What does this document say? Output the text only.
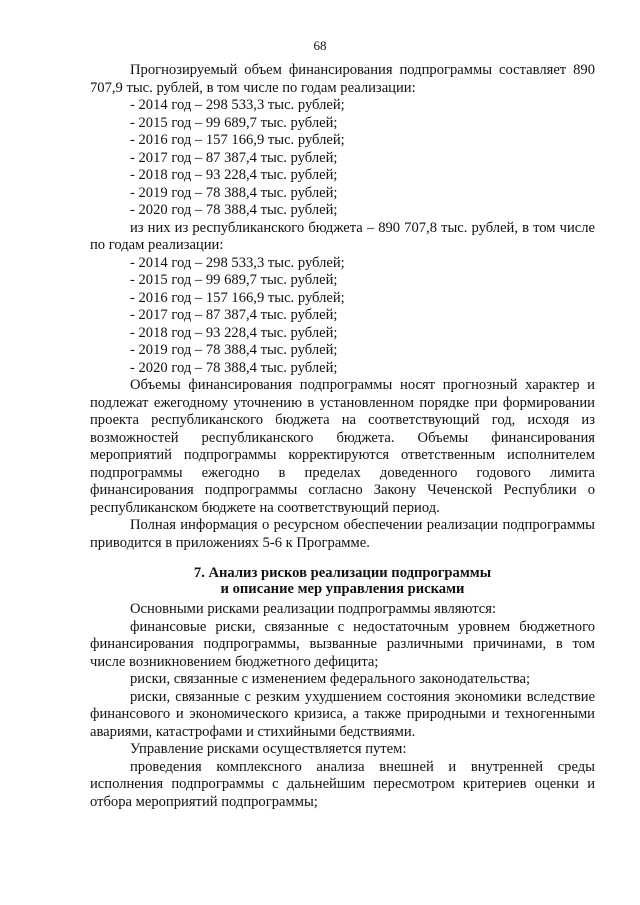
68

Прогнозируемый объем финансирования подпрограммы составляет 890 707,9 тыс. рублей, в том числе по годам реализации:

- 2014 год – 298 533,3 тыс. рублей;
- 2015 год – 99 689,7 тыс. рублей;
- 2016 год – 157 166,9 тыс. рублей;
- 2017 год – 87 387,4 тыс. рублей;
- 2018 год – 93 228,4 тыс. рублей;
- 2019 год – 78 388,4 тыс. рублей;
- 2020 год – 78 388,4 тыс. рублей;

из них из республиканского бюджета – 890 707,8 тыс. рублей, в том числе по годам реализации:

- 2014 год – 298 533,3 тыс. рублей;
- 2015 год – 99 689,7 тыс. рублей;
- 2016 год – 157 166,9 тыс. рублей;
- 2017 год – 87 387,4 тыс. рублей;
- 2018 год – 93 228,4 тыс. рублей;
- 2019 год – 78 388,4 тыс. рублей;
- 2020 год – 78 388,4 тыс. рублей;

Объемы финансирования подпрограммы носят прогнозный характер и подлежат ежегодному уточнению в установленном порядке при формировании проекта республиканского бюджета на соответствующий год, исходя из возможностей республиканского бюджета. Объемы финансирования мероприятий подпрограммы корректируются ответственным исполнителем подпрограммы ежегодно в пределах доведенного годового лимита финансирования подпрограммы согласно Закону Чеченской Республики о республиканском бюджете на соответствующий период.

Полная информация о ресурсном обеспечении реализации подпрограммы приводится в приложениях 5-6 к Программе.

7. Анализ рисков реализации подпрограммы
и описание мер управления рисками

Основными рисками реализации подпрограммы являются:

финансовые риски, связанные с недостаточным уровнем бюджетного финансирования подпрограммы, вызванные различными причинами, в том числе возникновением бюджетного дефицита;

риски, связанные с изменением федерального законодательства;

риски, связанные с резким ухудшением состояния экономики вследствие финансового и экономического кризиса, а также природными и техногенными авариями, катастрофами и стихийными бедствиями.

Управление рисками осуществляется путем:

проведения комплексного анализа внешней и внутренней среды исполнения подпрограммы с дальнейшим пересмотром критериев оценки и отбора мероприятий подпрограммы;
